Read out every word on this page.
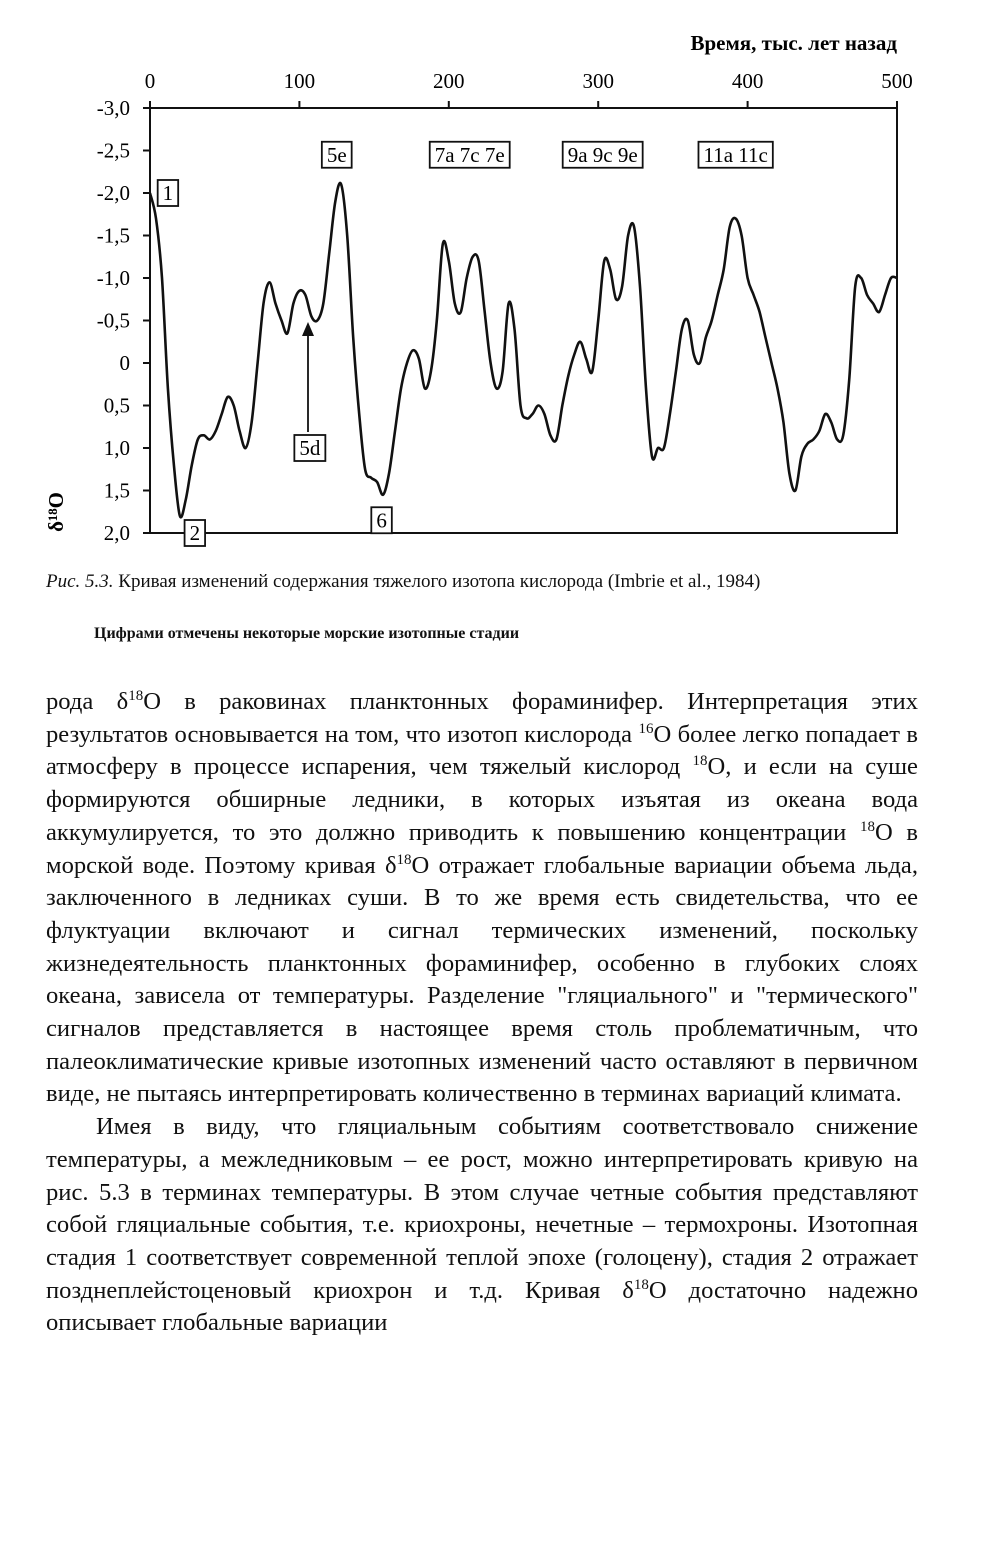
0	100	200	300	400	500
Время, тыс. лет назад
-3,0
-2,5
-2,0
-1,5
-1,0
-0,5
0
0,5
1,0
1,5
2,0
δ¹⁸O
1
2
5e
5d
6
7a 7c 7e	9a 9c 9e	11a 11c
Рис. 5.3. Кривая изменений содержания тяжелого изотопа кислорода (Imbrie et al., 1984)
Цифрами отмечены некоторые морские изотопные стадии

рода $\delta^{18}О$ в раковинах планктонных фораминифер. Интерпретация этих результатов основывается на том, что изотоп кислорода $^{16}$О более легко попадает в атмосферу в процессе испарения, чем тяжелый кислород $^{18}$О, и если на суше формируются обширные ледники, в которых изъятая из океана вода аккумулируется, то это должно приводить к повышению концентрации $^{18}$О в морской воде. Поэтому кривая $\delta^{18}О$ отражает глобальные вариации объема льда, заключенного в ледниках суши. В то же время есть свидетельства, что ее флуктуации включают и сигнал термических изменений, поскольку жизнедеятельность планктонных фораминифер, особенно в глубоких слоях океана, зависела от температуры. Разделение "гляциального" и "термического" сигналов представляется в настоящее время столь проблематичным, что палеоклиматические кривые изотопных изменений часто оставляют в первичном виде, не пытаясь интерпретировать количественно в терминах вариаций климата.

Имея в виду, что гляциальным событиям соответствовало снижение температуры, а межледниковым – ее рост, можно интерпретировать кривую на рис. 5.3 в терминах температуры. В этом случае четные события представляют собой гляциальные события, т.е. криохроны, нечетные – термохроны. Изотопная стадия 1 соответствует современной теплой эпохе (голоцену), стадия 2 отражает позднеплейстоценовый криохрон и т.д. Кривая $\delta^{18}О$ достаточно надежно описывает глобальные вариации
